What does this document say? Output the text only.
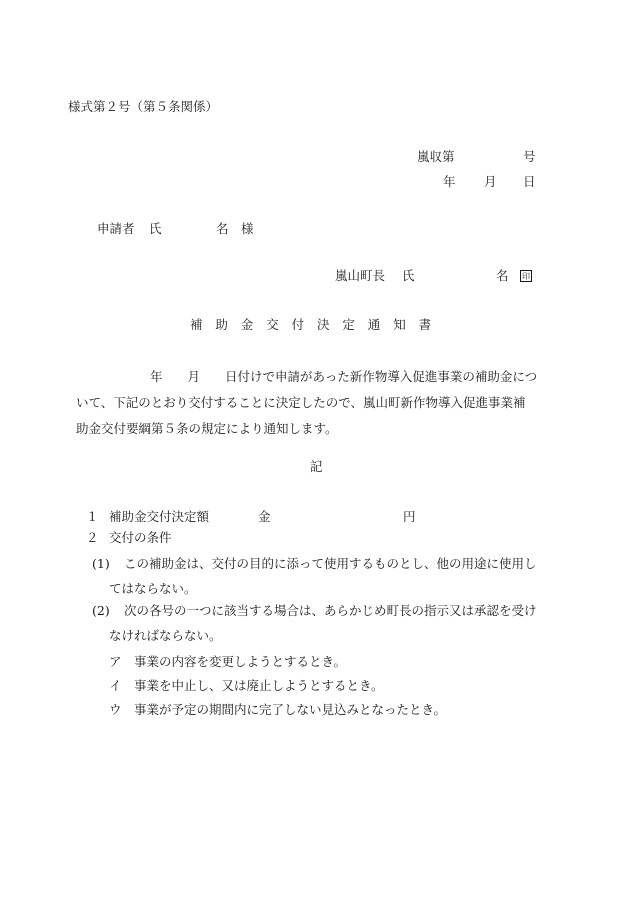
様式第２号（第５条関係）
嵐収第	号
年 月 日
申請者 氏	名 様
嵐山町長 氏	名 印
補　助　金　交　付　決　定　通　知　書
年　　月　　日付けで申請があった新作物導入促進事業の補助金につ
いて、下記のとおり交付することに決定したので、嵐山町新作物導入促進事業補
助金交付要綱第５条の規定により通知します。
記
１ 補助金交付決定額	金	円
２ 交付の条件
(1) この補助金は、交付の目的に添って使用するものとし、他の用途に使用し
てはならない。
(2) 次の各号の一つに該当する場合は、あらかじめ町長の指示又は承認を受け
なければならない。
ア　事業の内容を変更しようとするとき。
イ　事業を中止し、又は廃止しようとするとき。
ウ　事業が予定の期間内に完了しない見込みとなったとき。
